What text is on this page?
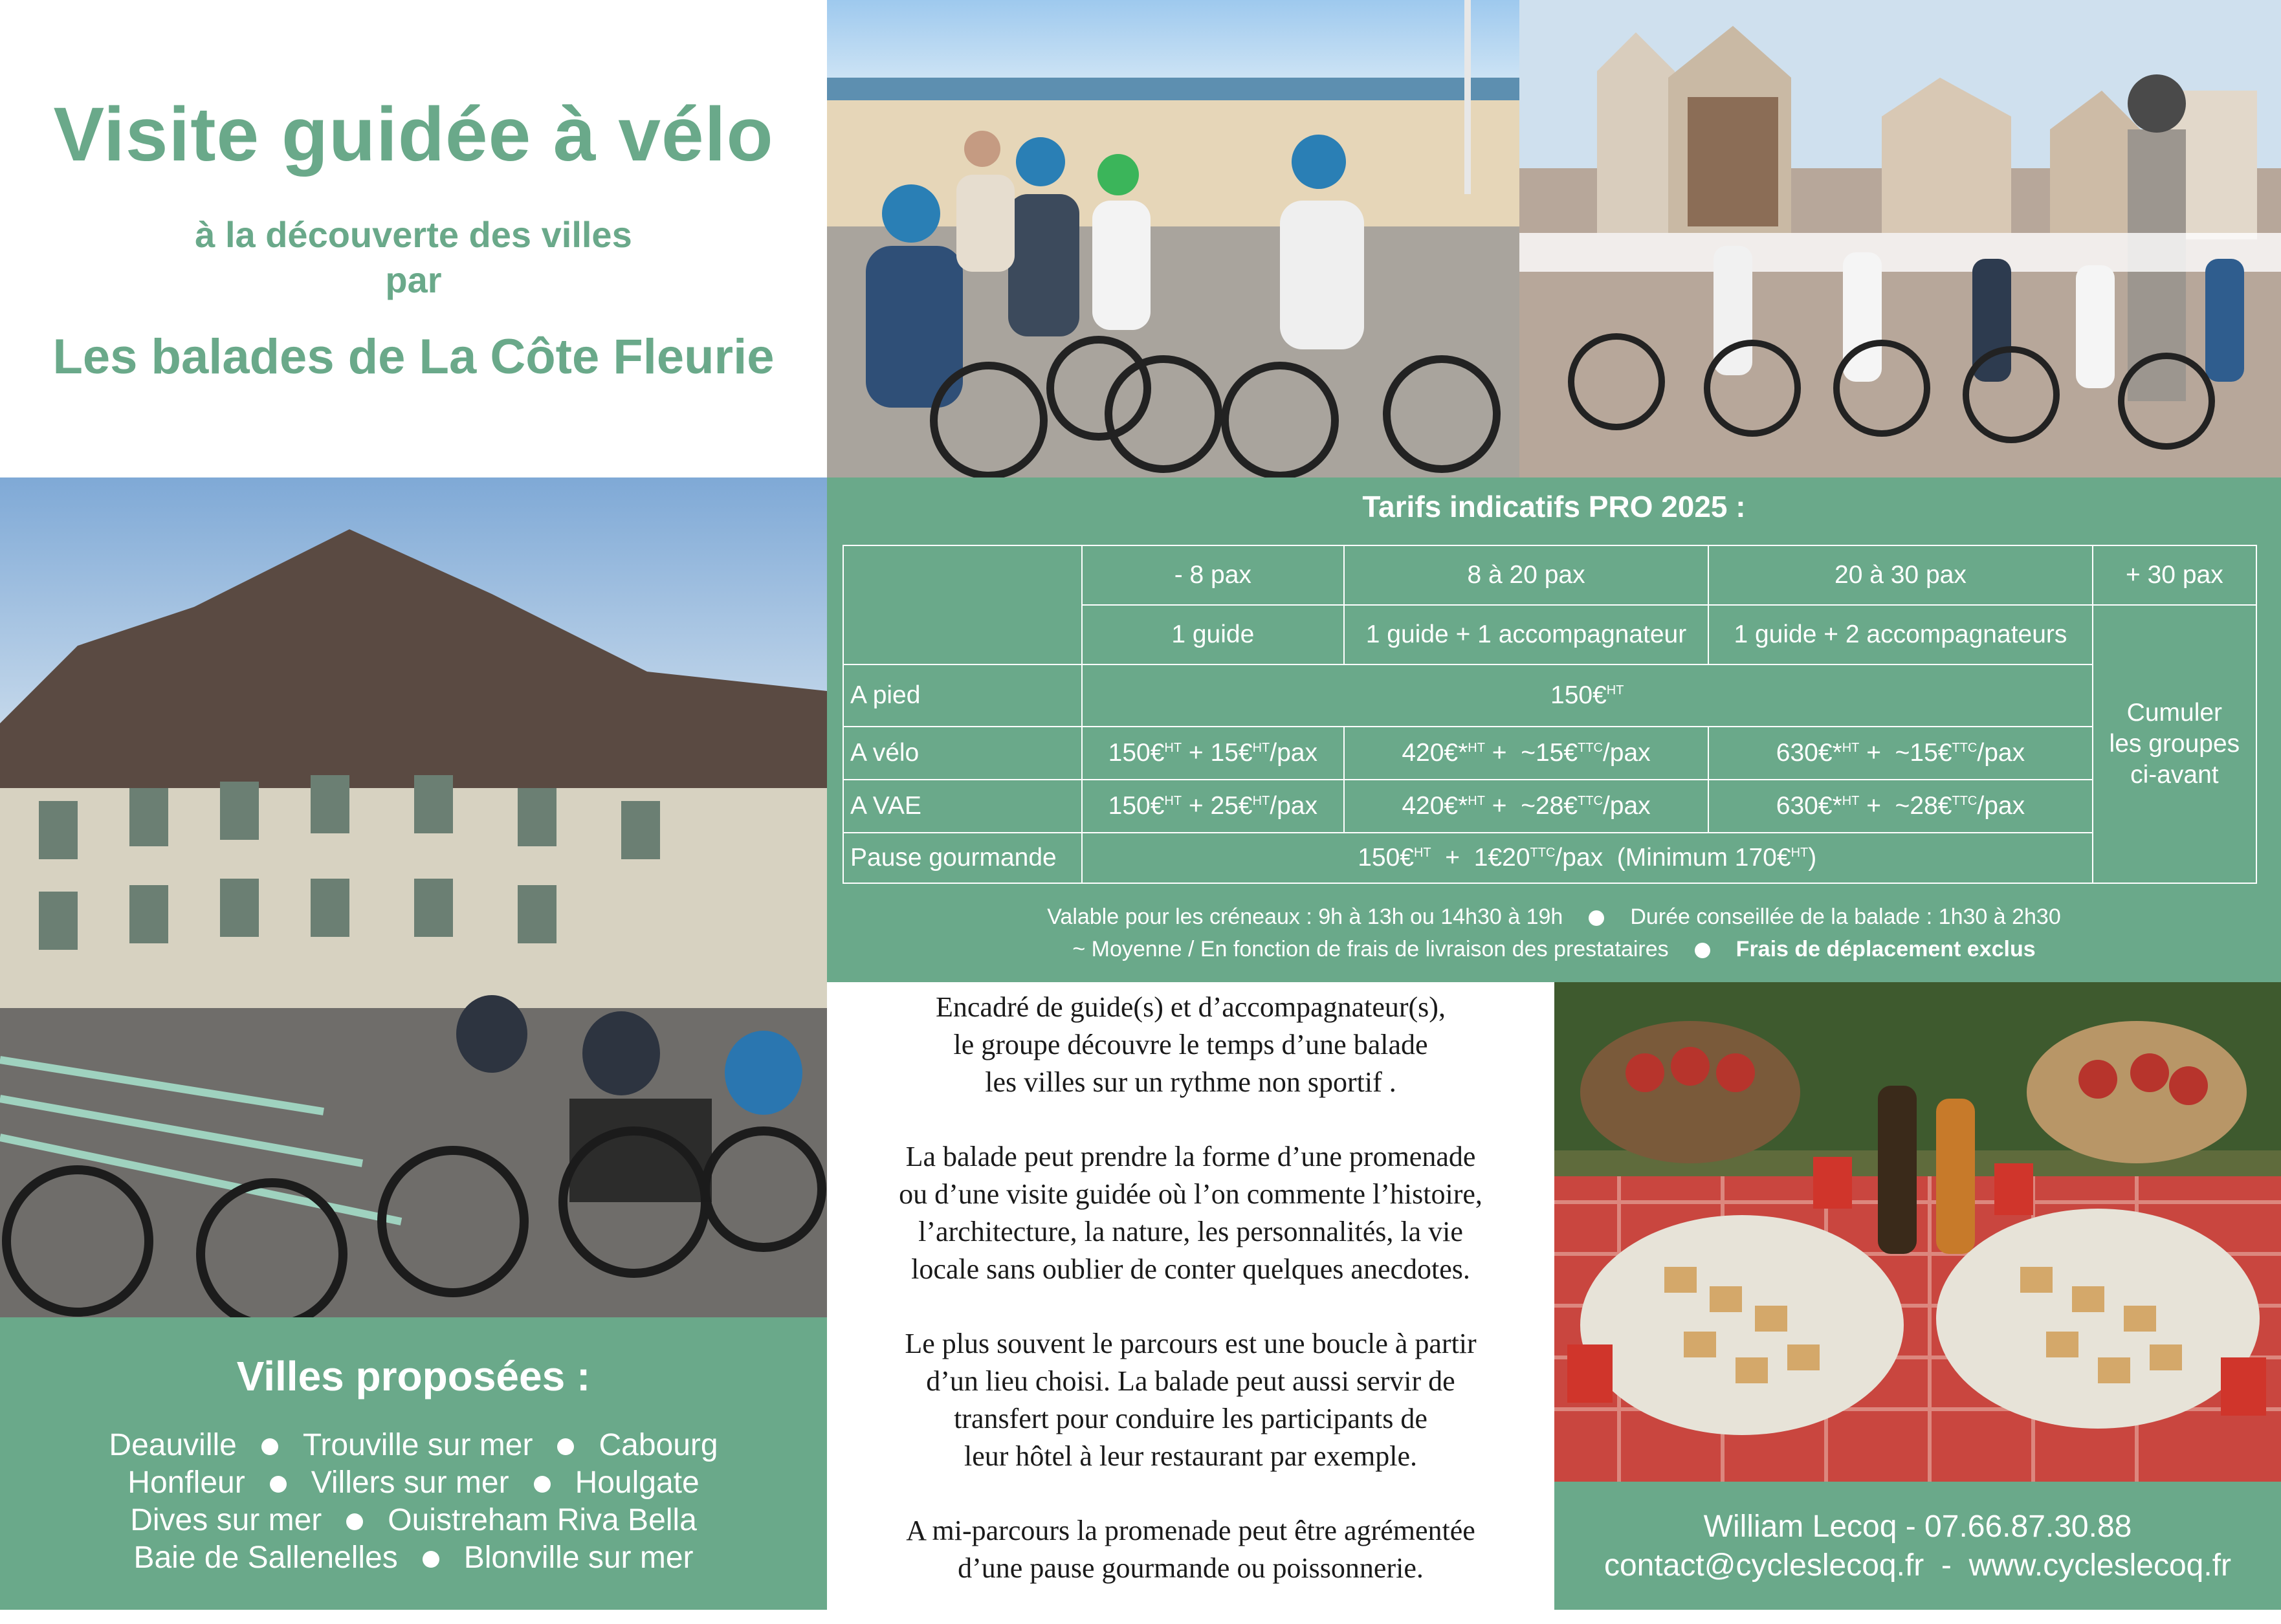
Visite guidée à vélo
à la découverte des villes
par
Les balades de La Côte Fleurie
Tarifs indicatifs PRO 2025 :
	- 8 pax	8 à 20 pax	20 à 30 pax	+ 30 pax
	1 guide	1 guide + 1 accompagnateur	1 guide + 2 accompagnateurs	Cumuler
les groupes
ci-avant
A pied	150€$^{HT}$
A vélo	150€$^{HT}$ + 15€$^{HT}$/pax	420€*$^{HT}$ +  ~15€$^{TTC}$/pax	630€*$^{HT}$ +  ~15€$^{TTC}$/pax	
A VAE	150€$^{HT}$ + 25€$^{HT}$/pax	420€*$^{HT}$ +  ~28€$^{TTC}$/pax	630€*$^{HT}$ +  ~28€$^{TTC}$/pax	
Pause gourmande	150€$^{HT}$  +  $1€20^{TTC}$/pax  (Minimum 170€$^{HT}$)			
Valable pour les créneaux : 9h à 13h ou 14h30 à 19h	Durée conseillée de la balade : 1h30 à 2h30
~ Moyenne / En fonction de frais de livraison des prestataires	Frais de déplacement exclus

Encadré de guide(s) et d’accompagnateur(s),
le groupe découvre le temps d’une balade
les villes sur un rythme non sportif .

La balade peut prendre la forme d’une promenade
ou d’une visite guidée où l’on commente l’histoire,
l’architecture, la nature, les personnalités, la vie
locale sans oublier de conter quelques anecdotes.

Le plus souvent le parcours est une boucle à partir
d’un lieu choisi. La balade peut aussi servir de
transfert pour conduire les participants de
leur hôtel à leur restaurant par exemple.

A mi-parcours la promenade peut être agrémentée
d’une pause gourmande ou poissonnerie.

Villes proposées :
Deauville Trouville sur mer Cabourg
Honfleur Villers sur mer Houlgate
Dives sur mer Ouistreham Riva Bella
Baie de Sallenelles Blonville sur mer
William Lecoq - 07.66.87.30.88
contact@cycleslecoq.fr  -  www.cycleslecoq.fr
